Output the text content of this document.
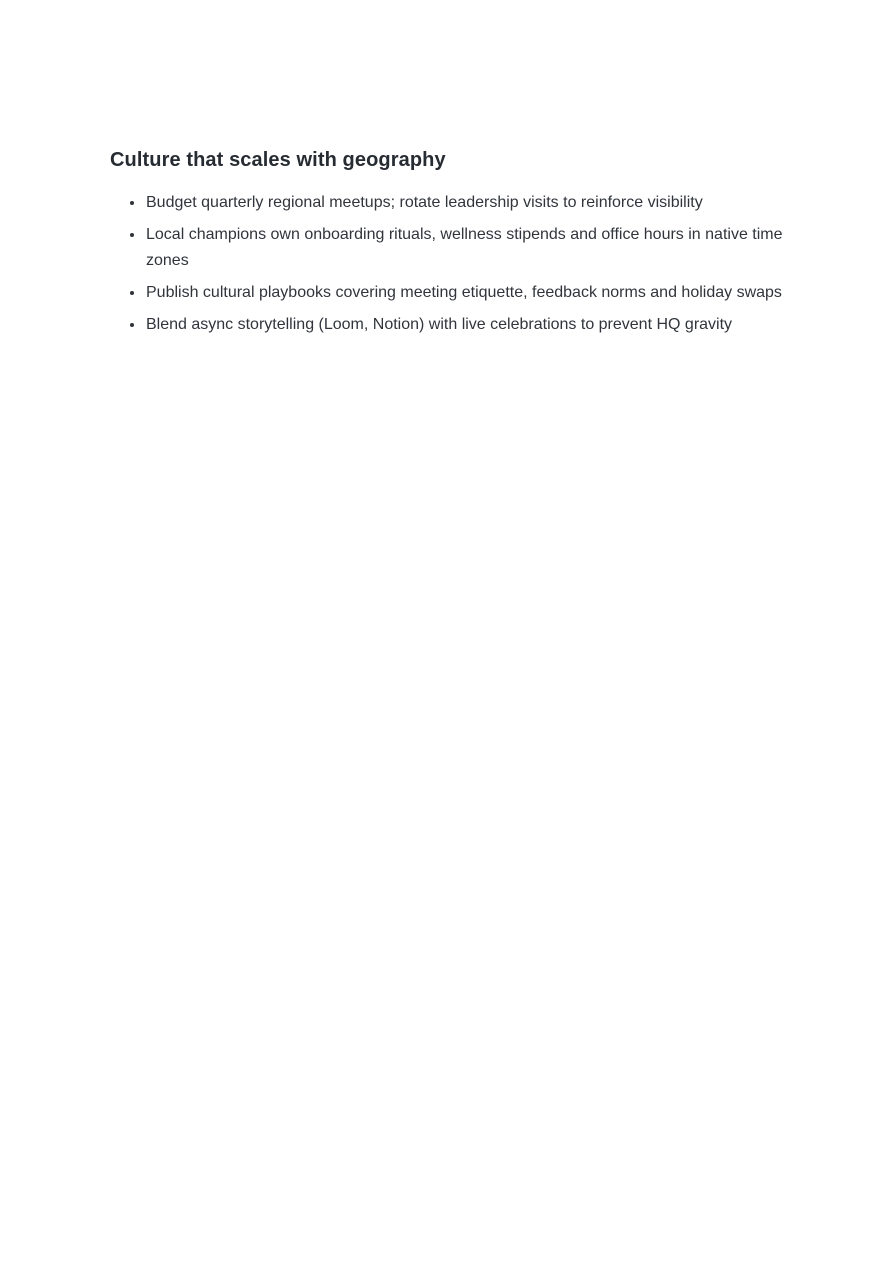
Culture that scales with geography
• Budget quarterly regional meetups; rotate leadership visits to reinforce visibility
• Local champions own onboarding rituals, wellness stipends and office hours in native time zones
• Publish cultural playbooks covering meeting etiquette, feedback norms and holiday swaps
• Blend async storytelling (Loom, Notion) with live celebrations to prevent HQ gravity
